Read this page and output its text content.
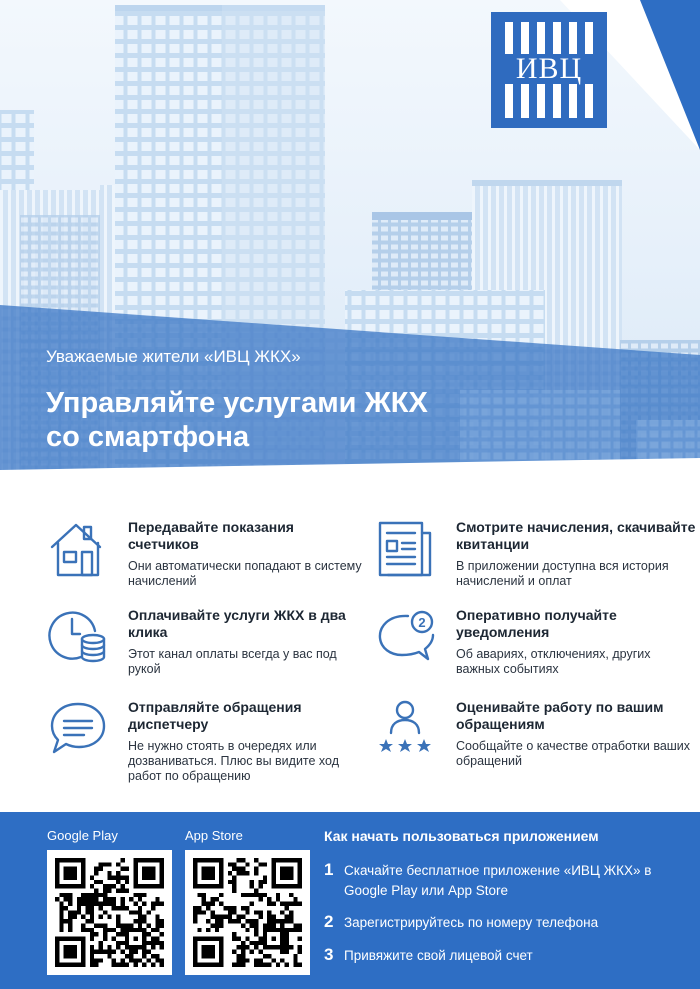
ИВЦ
Уважаемые жители «ИВЦ ЖКХ»
Управляйте услугами ЖКХ
со смартфона
Передавайте показания счетчиков
Они автоматически попадают в систему начислений
Смотрите начисления, скачивайте квитанции
В приложении доступна вся история начислений и оплат
Оплачивайте услуги ЖКХ в два клика
Этот канал оплаты всегда у вас под рукой
2 Оперативно получайте уведомления
Об авариях, отключениях, других важных событиях
Отправляйте обращения диспетчеру
Не нужно стоять в очередях или дозваниваться. Плюс вы видите ход работ по обращению
Оценивайте работу по вашим обращениям
Сообщайте о качестве отработки ваших обращений
Google Play	App Store	Как начать пользоваться приложением
1 Скачайте бесплатное приложение «ИВЦ ЖКХ» в Google Play или App Store
2 Зарегистрируйтесь по номеру телефона
3 Привяжите свой лицевой счет
